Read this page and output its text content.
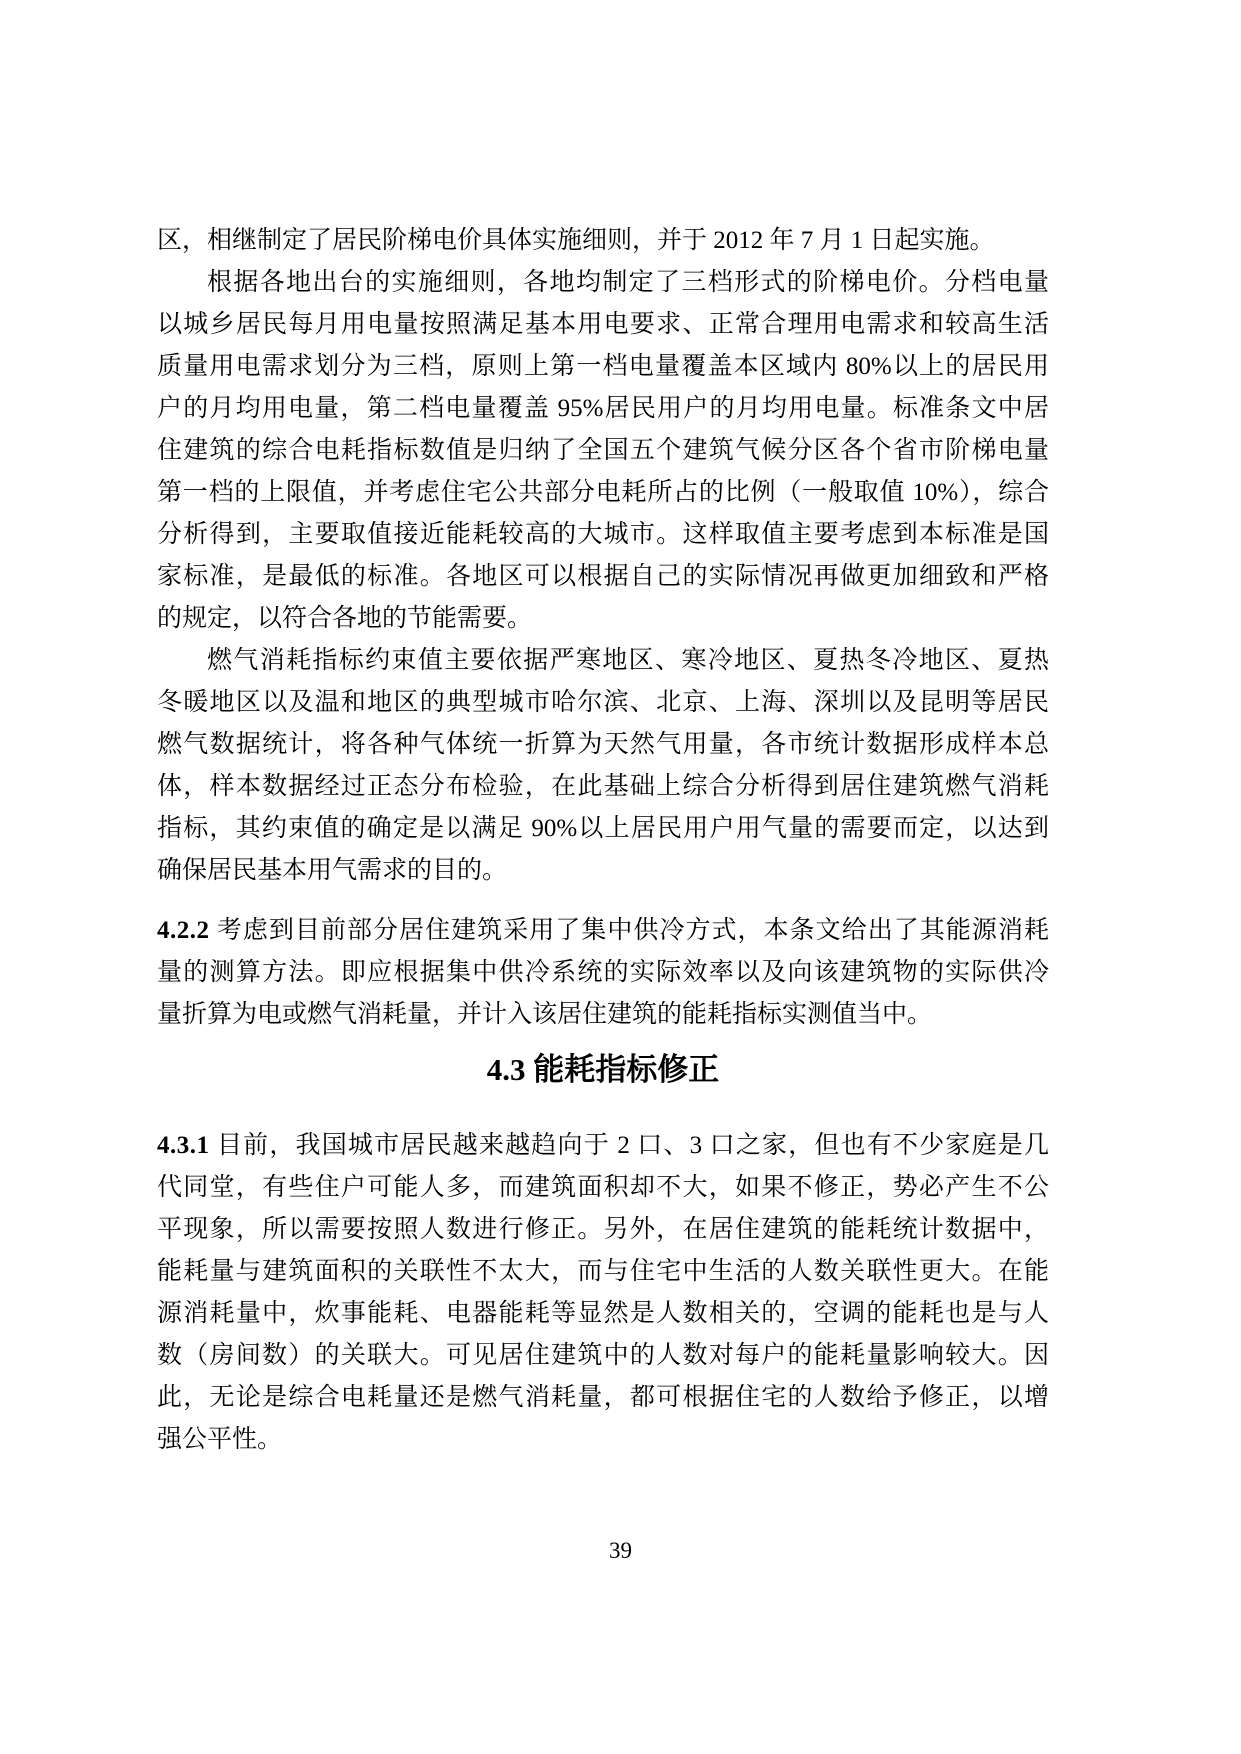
区，相继制定了居民阶梯电价具体实施细则，并于 2012 年 7 月 1 日起实施。
根据各地出台的实施细则，各地均制定了三档形式的阶梯电价。分档电量
以城乡居民每月用电量按照满足基本用电要求、正常合理用电需求和较高生活
质量用电需求划分为三档，原则上第一档电量覆盖本区域内 80%以上的居民用
户的月均用电量，第二档电量覆盖 95%居民用户的月均用电量。标准条文中居
住建筑的综合电耗指标数值是归纳了全国五个建筑气候分区各个省市阶梯电量
第一档的上限值，并考虑住宅公共部分电耗所占的比例（一般取值 10%），综合
分析得到，主要取值接近能耗较高的大城市。这样取值主要考虑到本标准是国
家标准，是最低的标准。各地区可以根据自己的实际情况再做更加细致和严格
的规定，以符合各地的节能需要。
燃气消耗指标约束值主要依据严寒地区、寒冷地区、夏热冬冷地区、夏热
冬暖地区以及温和地区的典型城市哈尔滨、北京、上海、深圳以及昆明等居民
燃气数据统计，将各种气体统一折算为天然气用量，各市统计数据形成样本总
体，样本数据经过正态分布检验，在此基础上综合分析得到居住建筑燃气消耗
指标，其约束值的确定是以满足 90%以上居民用户用气量的需要而定，以达到
确保居民基本用气需求的目的。
4.2.2 考虑到目前部分居住建筑采用了集中供冷方式，本条文给出了其能源消耗
量的测算方法。即应根据集中供冷系统的实际效率以及向该建筑物的实际供冷
量折算为电或燃气消耗量，并计入该居住建筑的能耗指标实测值当中。
4.3 能耗指标修正
4.3.1 目前，我国城市居民越来越趋向于 2 口、3 口之家，但也有不少家庭是几
代同堂，有些住户可能人多，而建筑面积却不大，如果不修正，势必产生不公
平现象，所以需要按照人数进行修正。另外，在居住建筑的能耗统计数据中，
能耗量与建筑面积的关联性不太大，而与住宅中生活的人数关联性更大。在能
源消耗量中，炊事能耗、电器能耗等显然是人数相关的，空调的能耗也是与人
数（房间数）的关联大。可见居住建筑中的人数对每户的能耗量影响较大。因
此，无论是综合电耗量还是燃气消耗量，都可根据住宅的人数给予修正，以增
强公平性。
39
